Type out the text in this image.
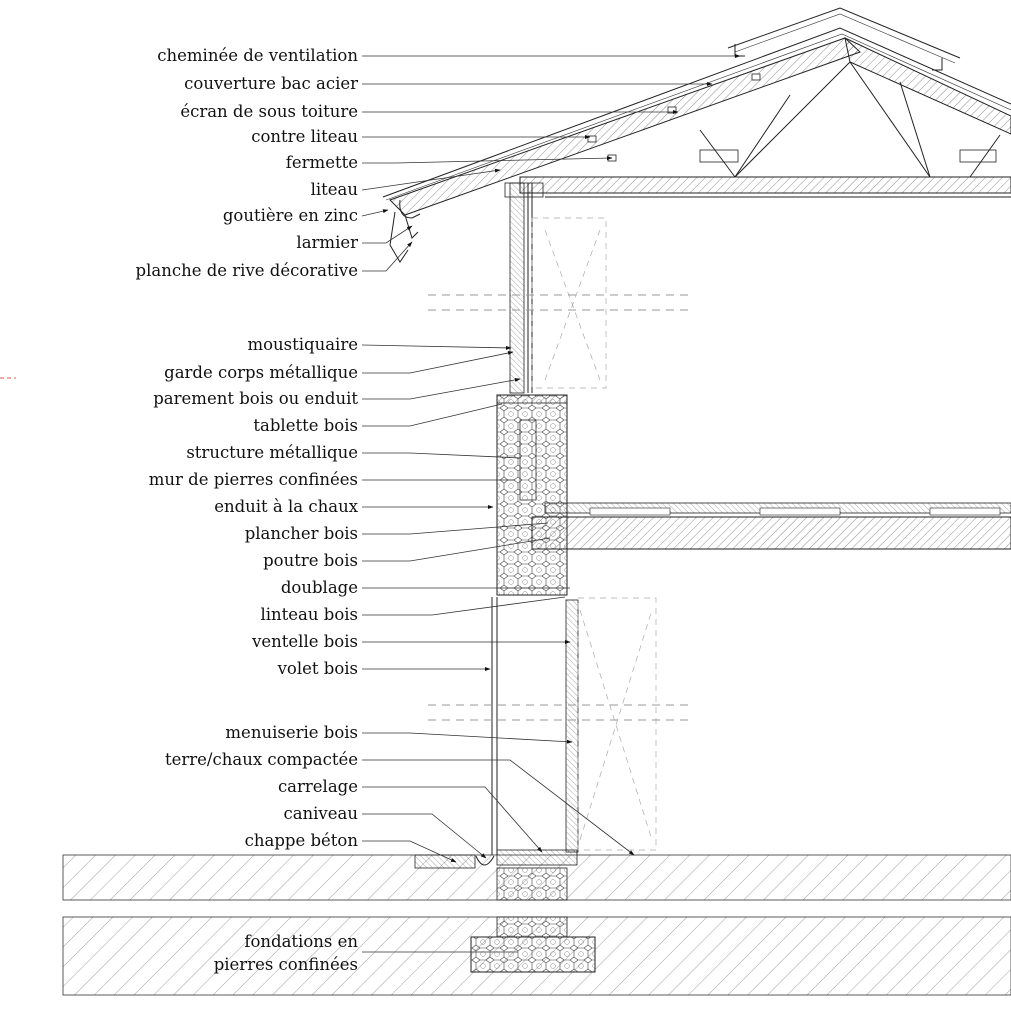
cheminée de ventilation
couverture bac acier
écran de sous toiture
contre liteau
fermette
liteau
goutière en zinc
larmier
planche de rive décorative
moustiquaire
garde corps métallique
parement bois ou enduit
tablette bois
structure métallique
mur de pierres confinées
enduit à la chaux
plancher bois
poutre bois
doublage
linteau bois
ventelle bois
volet bois
menuiserie bois
terre/chaux compactée
carrelage
caniveau
chappe béton
fondations en
pierres confinées
